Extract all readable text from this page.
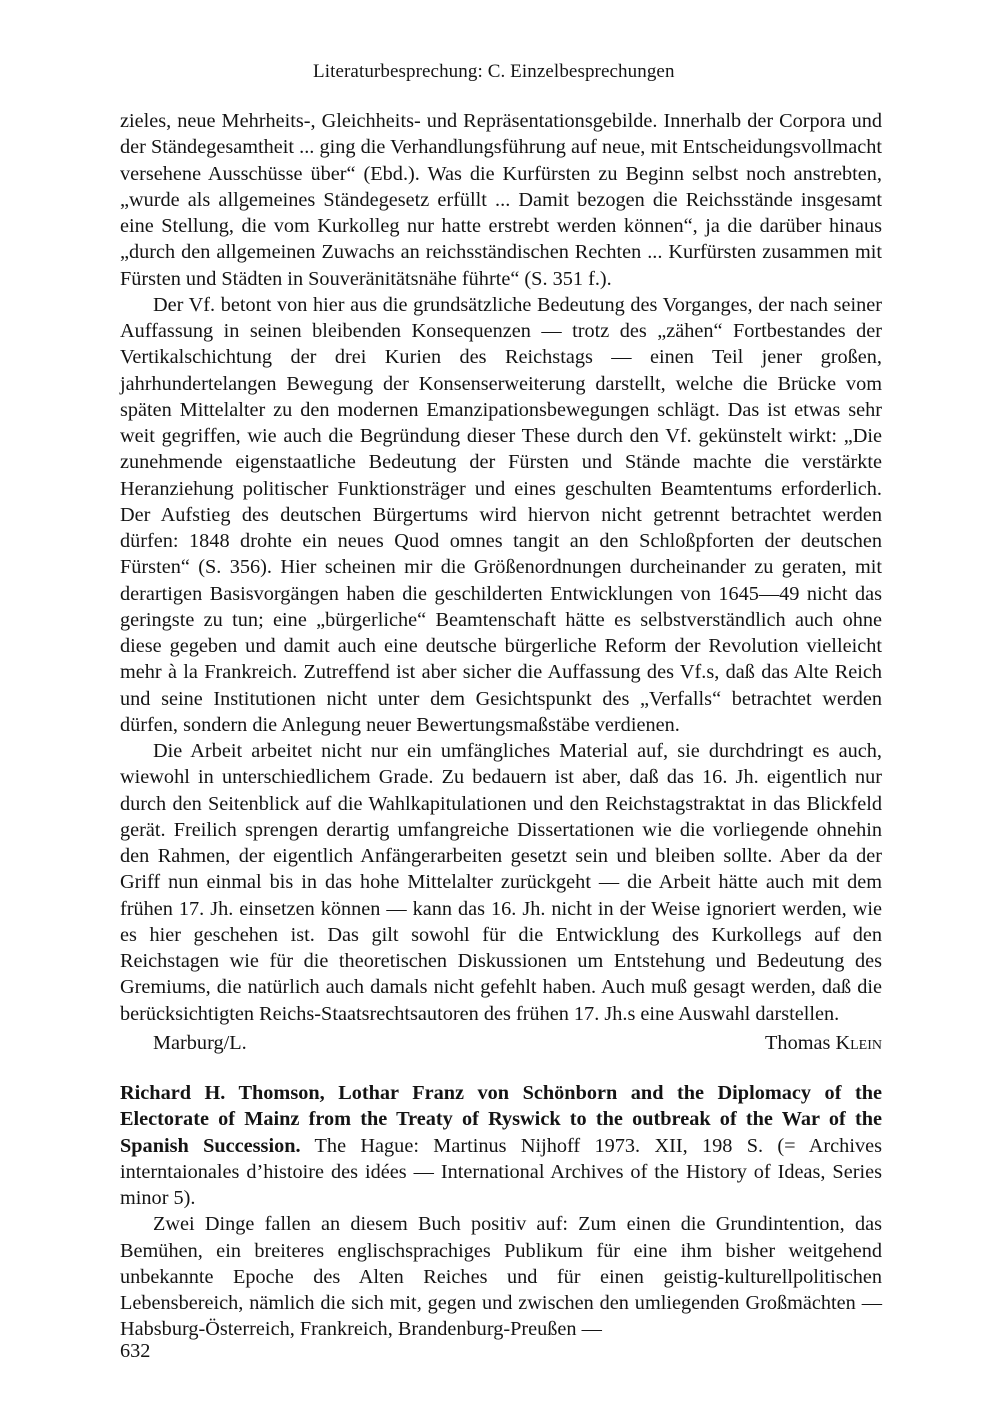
Literaturbesprechung: C. Einzelbesprechungen

zieles, neue Mehrheits-, Gleichheits- und Repräsentationsgebilde. Innerhalb der Corpora und der Ständegesamtheit ... ging die Verhandlungsführung auf neue, mit Entscheidungsvollmacht versehene Ausschüsse über“ (Ebd.). Was die Kurfürsten zu Beginn selbst noch anstrebten, „wurde als allgemeines Ständegesetz erfüllt ... Damit bezogen die Reichsstände insgesamt eine Stellung, die vom Kurkolleg nur hatte erstrebt werden können“, ja die darüber hinaus „durch den allgemeinen Zuwachs an reichsständischen Rechten ... Kurfürsten zusammen mit Fürsten und Städten in Souveränitätsnähe führte“ (S. 351 f.).

Der Vf. betont von hier aus die grundsätzliche Bedeutung des Vorganges, der nach seiner Auffassung in seinen bleibenden Konsequenzen — trotz des „zähen“ Fortbestandes der Vertikalschichtung der drei Kurien des Reichstags — einen Teil jener großen, jahrhundertelangen Bewegung der Konsenserweiterung darstellt, welche die Brücke vom späten Mittelalter zu den modernen Emanzipationsbewegungen schlägt. Das ist etwas sehr weit gegriffen, wie auch die Begründung dieser These durch den Vf. gekünstelt wirkt: „Die zunehmende eigenstaatliche Bedeutung der Fürsten und Stände machte die verstärkte Heranziehung politischer Funktionsträger und eines geschulten Beamtentums erforderlich. Der Aufstieg des deutschen Bürgertums wird hiervon nicht getrennt betrachtet werden dürfen: 1848 drohte ein neues Quod omnes tangit an den Schloßpforten der deutschen Fürsten“ (S. 356). Hier scheinen mir die Größenordnungen durcheinander zu geraten, mit derartigen Basisvorgängen haben die geschilderten Entwicklungen von 1645—49 nicht das geringste zu tun; eine „bürgerliche“ Beamtenschaft hätte es selbstverständlich auch ohne diese gegeben und damit auch eine deutsche bürgerliche Reform der Revolution vielleicht mehr à la Frankreich. Zutreffend ist aber sicher die Auffassung des Vf.s, daß das Alte Reich und seine Institutionen nicht unter dem Gesichtspunkt des „Verfalls“ betrachtet werden dürfen, sondern die Anlegung neuer Bewertungsmaßstäbe verdienen.

Die Arbeit arbeitet nicht nur ein umfängliches Material auf, sie durchdringt es auch, wiewohl in unterschiedlichem Grade. Zu bedauern ist aber, daß das 16. Jh. eigentlich nur durch den Seitenblick auf die Wahlkapitulationen und den Reichstagstraktat in das Blickfeld gerät. Freilich sprengen derartig umfangreiche Dissertationen wie die vorliegende ohnehin den Rahmen, der eigentlich Anfängerarbeiten gesetzt sein und bleiben sollte. Aber da der Griff nun einmal bis in das hohe Mittelalter zurückgeht — die Arbeit hätte auch mit dem frühen 17. Jh. einsetzen können — kann das 16. Jh. nicht in der Weise ignoriert werden, wie es hier geschehen ist. Das gilt sowohl für die Entwicklung des Kurkollegs auf den Reichstagen wie für die theoretischen Diskussionen um Entstehung und Bedeutung des Gremiums, die natürlich auch damals nicht gefehlt haben. Auch muß gesagt werden, daß die berücksichtigten Reichs-Staatsrechtsautoren des frühen 17. Jh.s eine Auswahl darstellen.

Marburg/L.	Thomas Klein

Richard H. Thomson, Lothar Franz von Schönborn and the Diplomacy of the Electorate of Mainz from the Treaty of Ryswick to the outbreak of the War of the Spanish Succession. The Hague: Martinus Nijhoff 1973. XII, 198 S. (= Archives interntaionales d’histoire des idées — International Archives of the History of Ideas, Series minor 5).

Zwei Dinge fallen an diesem Buch positiv auf: Zum einen die Grundintention, das Bemühen, ein breiteres englischsprachiges Publikum für eine ihm bisher weitgehend unbekannte Epoche des Alten Reiches und für einen geistig-kulturellpolitischen Lebensbereich, nämlich die sich mit, gegen und zwischen den umliegenden Großmächten — Habsburg-Österreich, Frankreich, Brandenburg-Preußen —

632
